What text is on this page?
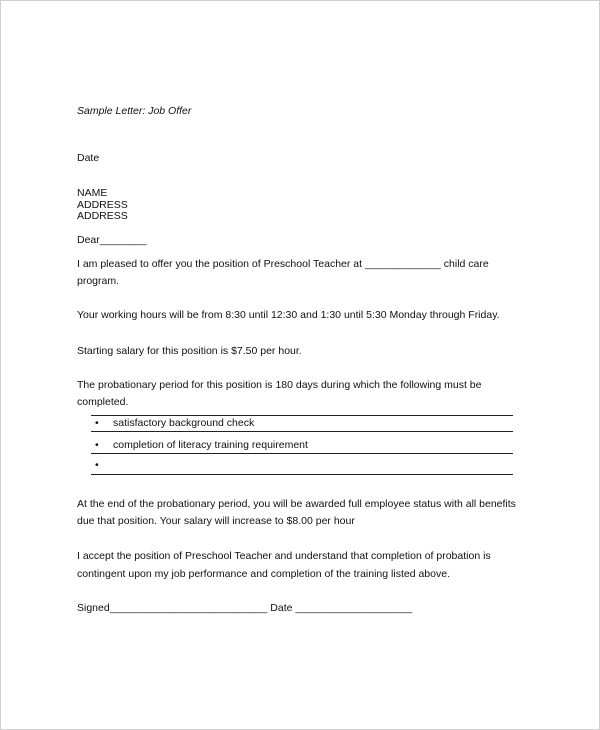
Sample Letter: Job Offer
Date
NAME
ADDRESS
ADDRESS
Dear________
I am pleased to offer you the position of Preschool Teacher at _____________ child care
program.
Your working hours will be from 8:30 until 12:30 and 1:30 until 5:30 Monday through Friday.
Starting salary for this position is $7.50 per hour.
The probationary period for this position is 180 days during which the following must be
completed.
• satisfactory background check
• completion of literacy training requirement
•
At the end of the probationary period, you will be awarded full employee status with all benefits
due that position. Your salary will increase to $8.00 per hour
I accept the position of Preschool Teacher and understand that completion of probation is
contingent upon my job performance and completion of the training listed above.
Signed___________________________ Date ____________________
